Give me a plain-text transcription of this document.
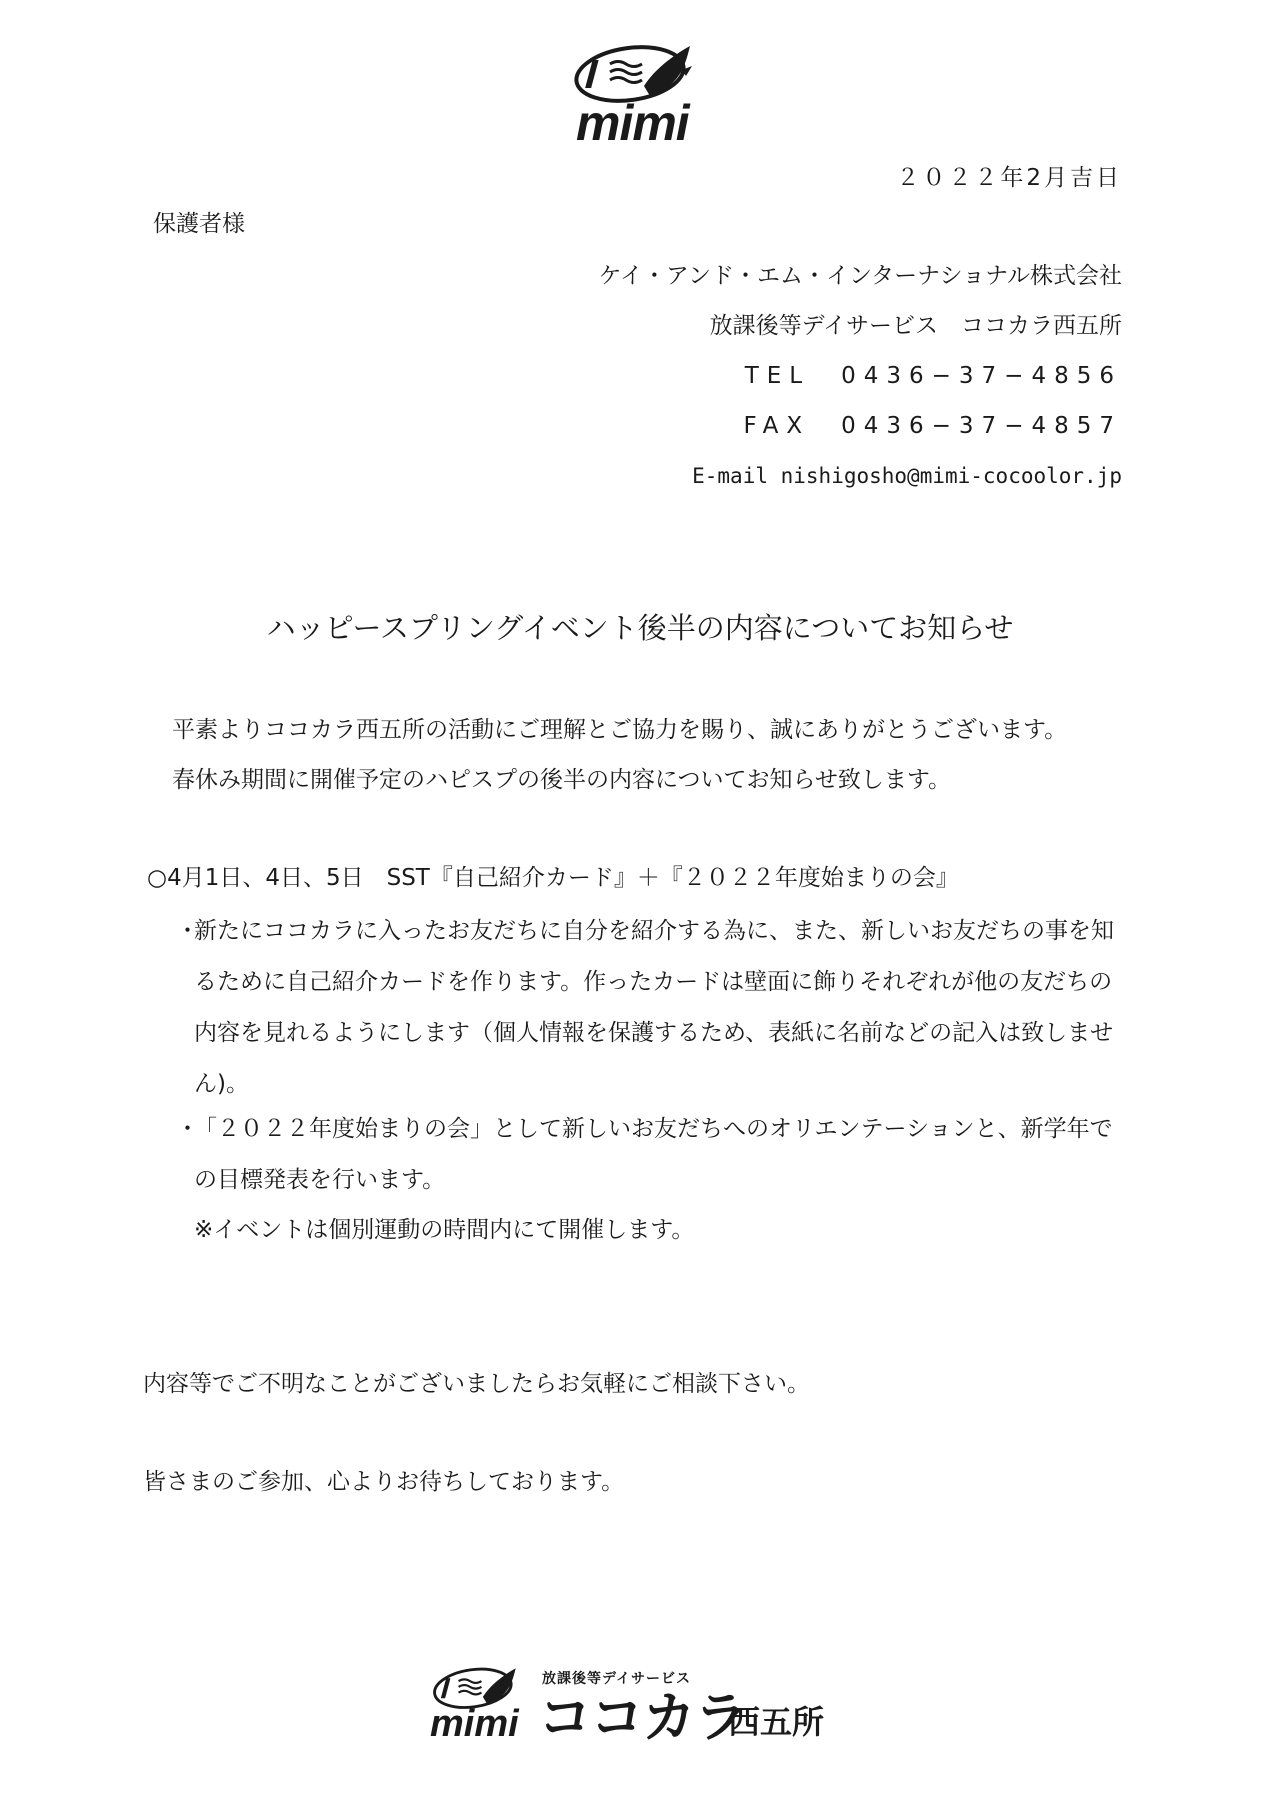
mimi
２０２２年2月吉日
保護者様
ケイ・アンド・エム・インターナショナル株式会社
放課後等デイサービス　ココカラ西五所
TEL　0436−37−4856
FAX　0436−37−4857
E-mail nishigosho@mimi-cocoolor.jp
ハッピースプリングイベント後半の内容についてお知らせ
平素よりココカラ西五所の活動にご理解とご協力を賜り、誠にありがとうございます。
春休み期間に開催予定のハピスプの後半の内容についてお知らせ致します。
○4月1日、4日、5日　SST『自己紹介カード』＋『２０２２年度始まりの会』
・
新たにココカラに入ったお友だちに自分を紹介する為に、また、新しいお友だちの事を知るために自己紹介カードを作ります。作ったカードは壁面に飾りそれぞれが他の友だちの内容を見れるようにします（個人情報を保護するため、表紙に名前などの記入は致しません)。
・
「２０２２年度始まりの会」として新しいお友だちへのオリエンテーションと、新学年での目標発表を行います。
※イベントは個別運動の時間内にて開催します。
内容等でご不明なことがございましたらお気軽にご相談下さい。
皆さまのご参加、心よりお待ちしております。
mimi
放課後等デイサービス
ココカラ
西五所
